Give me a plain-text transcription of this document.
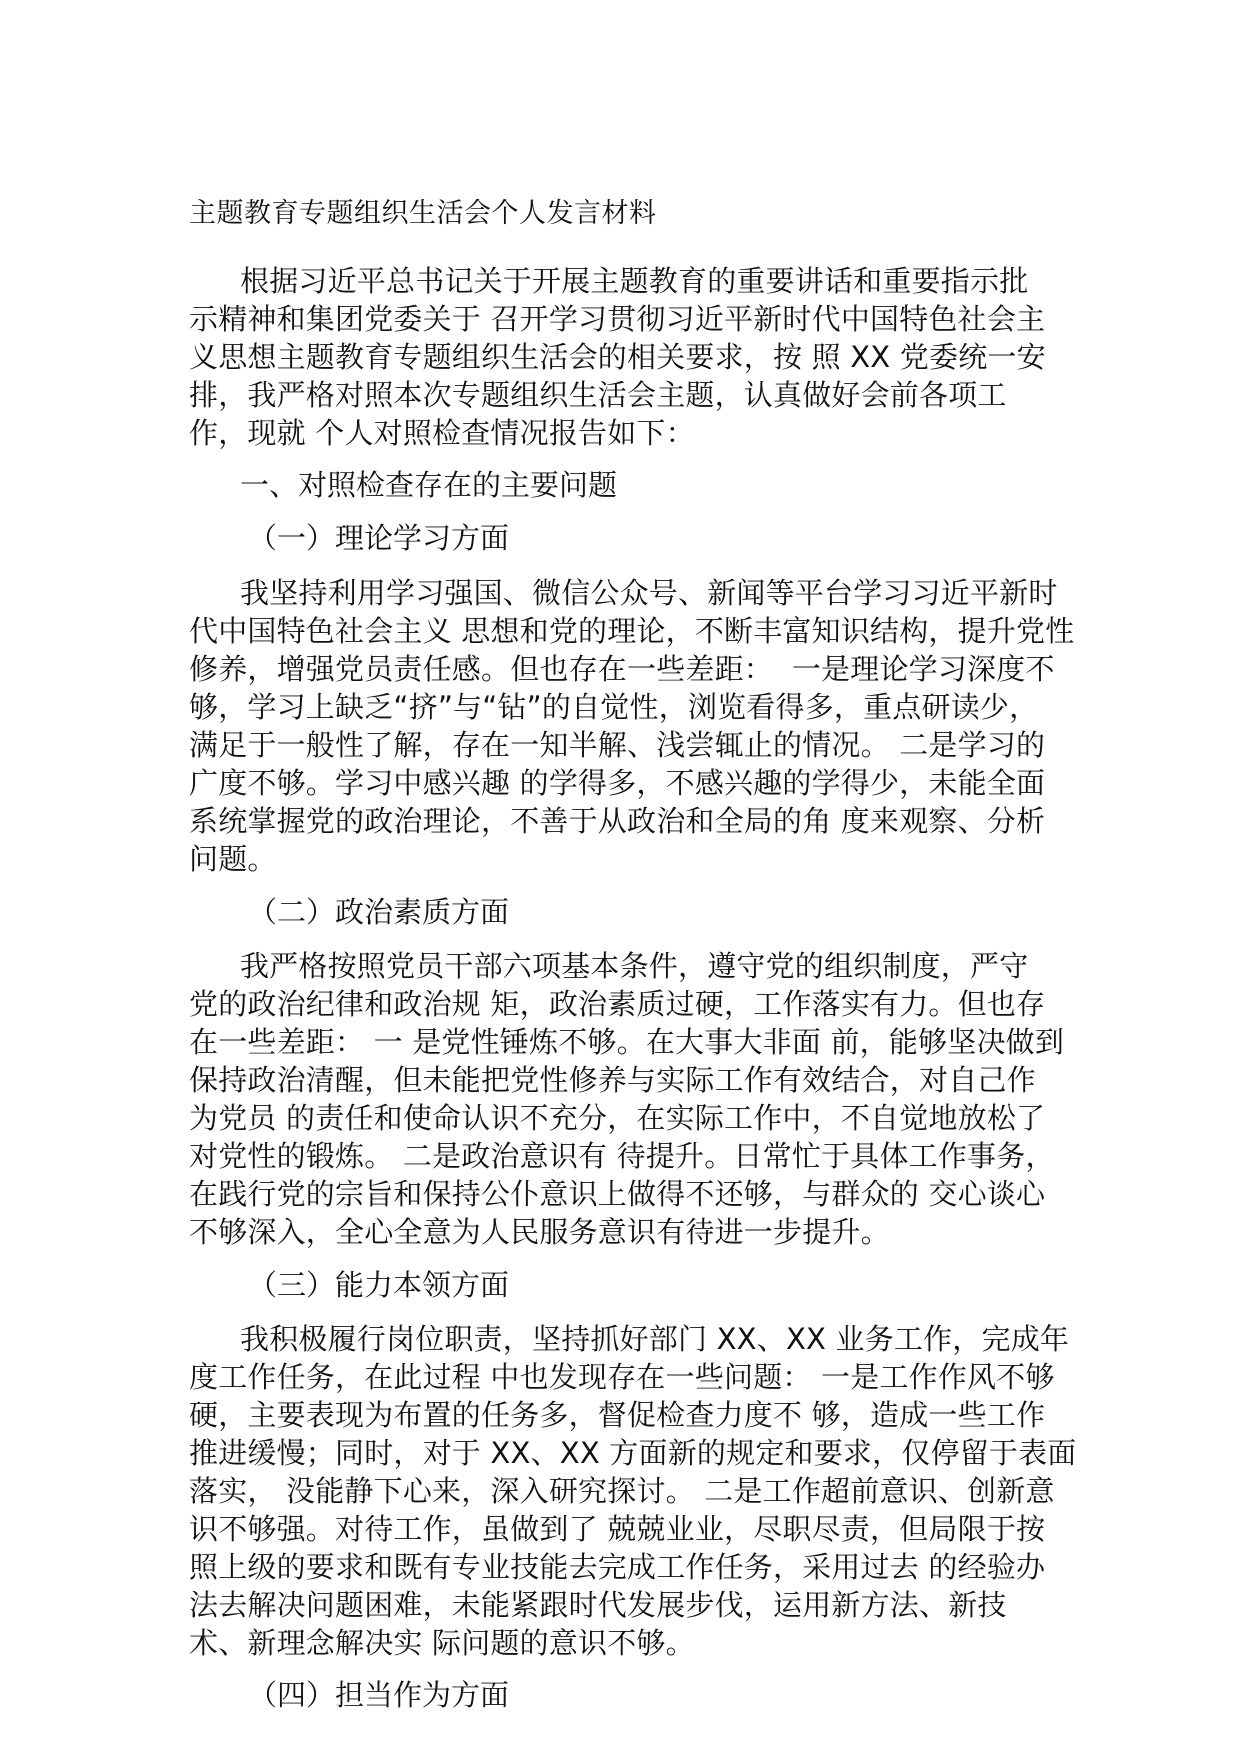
主题教育专题组织生活会个人发言材料
根据习近平总书记关于开展主题教育的重要讲话和重要指示批
示精神和集团党委关于 召开学习贯彻习近平新时代中国特色社会主
义思想主题教育专题组织生活会的相关要求，按 照 XX 党委统一安
排，我严格对照本次专题组织生活会主题，认真做好会前各项工
作，现就 个人对照检查情况报告如下：
一、对照检查存在的主要问题
（一）理论学习方面
我坚持利用学习强国、微信公众号、新闻等平台学习习近平新时
代中国特色社会主义 思想和党的理论，不断丰富知识结构，提升党性
修养，增强党员责任感。但也存在一些差距：  一是理论学习深度不
够，学习上缺乏“挤”与“钻”的自觉性，浏览看得多，重点研读少，
满足于一般性了解，存在一知半解、浅尝辄止的情况。 二是学习的
广度不够。学习中感兴趣 的学得多，不感兴趣的学得少，未能全面
系统掌握党的政治理论，不善于从政治和全局的角 度来观察、分析
问题。
（二）政治素质方面
我严格按照党员干部六项基本条件，遵守党的组织制度，严守
党的政治纪律和政治规 矩，政治素质过硬，工作落实有力。但也存
在一些差距： 一 是党性锤炼不够。在大事大非面 前，能够坚决做到
保持政治清醒，但未能把党性修养与实际工作有效结合，对自己作
为党员 的责任和使命认识不充分，在实际工作中，不自觉地放松了
对党性的锻炼。 二是政治意识有 待提升。日常忙于具体工作事务，
在践行党的宗旨和保持公仆意识上做得不还够，与群众的 交心谈心
不够深入，全心全意为人民服务意识有待进一步提升。
（三）能力本领方面
我积极履行岗位职责，坚持抓好部门 XX、XX 业务工作，完成年
度工作任务，在此过程 中也发现存在一些问题： 一是工作作风不够
硬，主要表现为布置的任务多，督促检查力度不 够，造成一些工作
推进缓慢；同时，对于 XX、XX 方面新的规定和要求，仅停留于表面
落实， 没能静下心来，深入研究探讨。 二是工作超前意识、创新意
识不够强。对待工作，虽做到了 兢兢业业，尽职尽责，但局限于按
照上级的要求和既有专业技能去完成工作任务，采用过去 的经验办
法去解决问题困难，未能紧跟时代发展步伐，运用新方法、新技
术、新理念解决实 际问题的意识不够。
（四）担当作为方面
